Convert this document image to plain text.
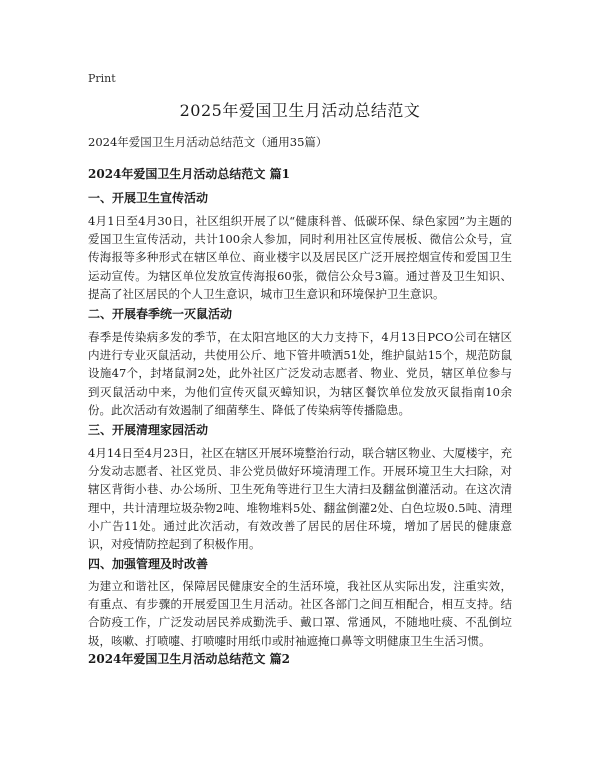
Print
2025年爱国卫生月活动总结范文
2024年爱国卫生月活动总结范文（通用35篇）
2024年爱国卫生月活动总结范文 篇1
一、开展卫生宣传活动

4月1日至4月30日，社区组织开展了以“健康科普、低碳环保、绿色家园”为主题的爱国卫生宣传活动，共计100余人参加，同时利用社区宣传展板、微信公众号，宣传海报等多种形式在辖区单位、商业楼宇以及居民区广泛开展控烟宣传和爱国卫生运动宣传。为辖区单位发放宣传海报60张，微信公众号3篇。通过普及卫生知识、提高了社区居民的个人卫生意识，城市卫生意识和环境保护卫生意识。

二、开展春季统一灭鼠活动

春季是传染病多发的季节，在太阳宫地区的大力支持下，4月13日PCO公司在辖区内进行专业灭鼠活动，共使用公斤、地下管井喷洒51处，维护鼠站15个，规范防鼠设施47个，封堵鼠洞2处，此外社区广泛发动志愿者、物业、党员，辖区单位参与到灭鼠活动中来，为他们宣传灭鼠灭蟑知识，为辖区餐饮单位发放灭鼠指南10余份。此次活动有效遏制了细菌孳生、降低了传染病等传播隐患。

三、开展清理家园活动

4月14日至4月23日，社区在辖区开展环境整治行动，联合辖区物业、大厦楼宇，充分发动志愿者、社区党员、非公党员做好环境清理工作。开展环境卫生大扫除，对辖区背街小巷、办公场所、卫生死角等进行卫生大清扫及翻盆倒灌活动。在这次清理中，共计清理垃圾杂物2吨、堆物堆料5处、翻盆倒灌2处、白色垃圾0.5吨、清理小广告11处。通过此次活动，有效改善了居民的居住环境，增加了居民的健康意识，对疫情防控起到了积极作用。

四、加强管理及时改善

为建立和谐社区，保障居民健康安全的生活环境，我社区从实际出发，注重实效，有重点、有步骤的开展爱国卫生月活动。社区各部门之间互相配合，相互支持。结合防疫工作，广泛发动居民养成勤洗手、戴口罩、常通风，不随地吐痰、不乱倒垃圾，咳嗽、打喷嚏、打喷嚏时用纸巾或肘袖遮掩口鼻等文明健康卫生生活习惯。

2024年爱国卫生月活动总结范文 篇2
